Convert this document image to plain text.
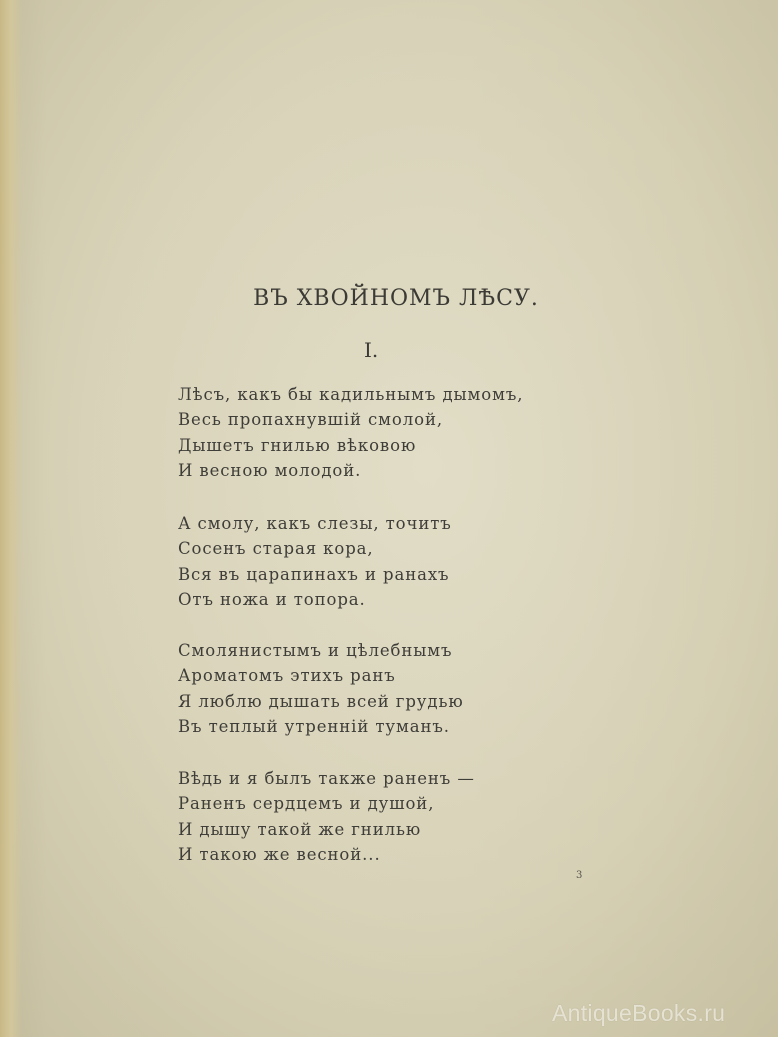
ВЪ ХВОЙНОМЪ ЛѢСУ.
I.
Лѣсъ, какъ бы кадильнымъ дымомъ,
Весь пропахнувшій смолой,
Дышетъ гнилью вѣковою
И весною молодой.
А смолу, какъ слезы, точитъ
Сосенъ старая кора,
Вся въ царапинахъ и ранахъ
Отъ ножа и топора.
Смолянистымъ и цѣлебнымъ
Ароматомъ этихъ ранъ
Я люблю дышать всей грудью
Въ теплый утренній туманъ.
Вѣдь и я былъ также раненъ —
Раненъ сердцемъ и душой,
И дышу такой же гнилью
И такою же весной...
3
AntiqueBooks.ru
